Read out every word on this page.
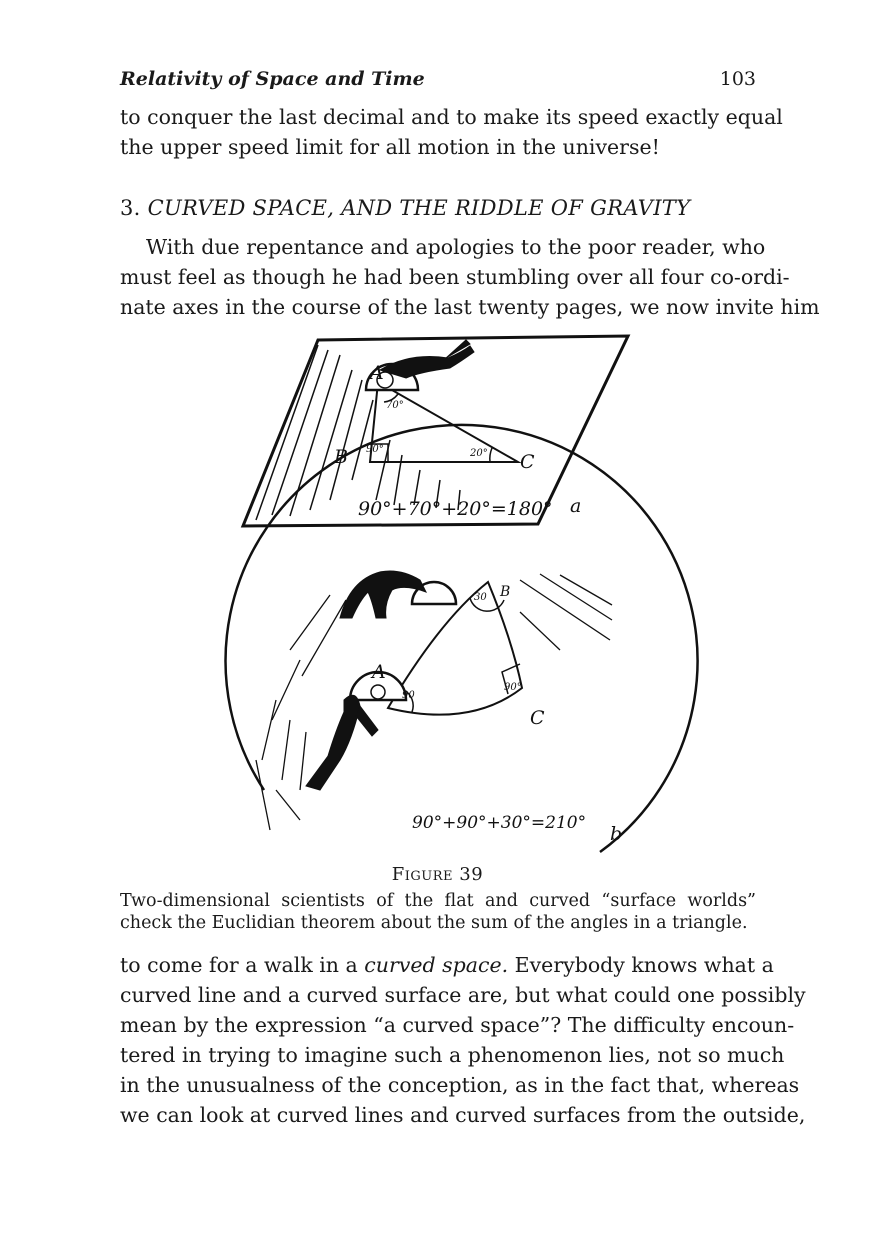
Relativity of Space and Time	103
to conquer the last decimal and to make its speed exactly equal
the upper speed limit for all motion in the universe!
3. CURVED SPACE, AND THE RIDDLE OF GRAVITY
With due repentance and apologies to the poor reader, who
must feel as though he had been stumbling over all four co-ordi-
nate axes in the course of the last twenty pages, we now invite him
A
B	C
70°
90°	20°
90°+70°+20°=180° a
B
A
C
30
90
90°
90°+90°+30°=210° b
Figure 39
Two-dimensional scientists of the flat and curved “surface worlds”
check the Euclidian theorem about the sum of the angles in a triangle.
to come for a walk in a curved space. Everybody knows what a
curved line and a curved surface are, but what could one possibly
mean by the expression “a curved space”? The difficulty encoun-
tered in trying to imagine such a phenomenon lies, not so much
in the unusualness of the conception, as in the fact that, whereas
we can look at curved lines and curved surfaces from the outside,
